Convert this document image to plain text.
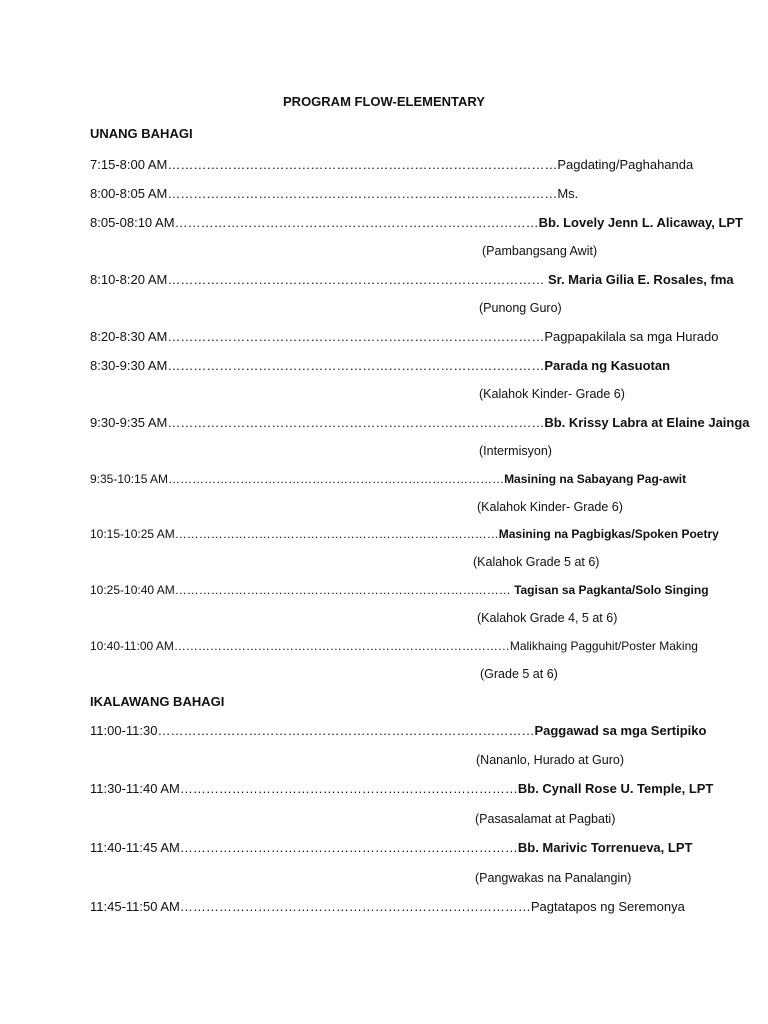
PROGRAM FLOW-ELEMENTARY
UNANG BAHAGI
7:15-8:00 AM………………………………………………………………………………Pagdating/Paghahanda
8:00-8:05 AM………………………………………………………………………………Ms.
8:05-08:10 AM…………………………………………………………………………Bb. Lovely Jenn L. Alicaway, LPT
(Pambangsang Awit)
8:10-8:20 AM…………………………………………………………………………… Sr. Maria Gilia E. Rosales, fma
(Punong Guro)
8:20-8:30 AM……………………………………………………………………………Pagpapakilala sa mga Hurado
8:30-9:30 AM……………………………………………………………………………Parada ng Kasuotan
(Kalahok Kinder- Grade 6)
9:30-9:35 AM……………………………………………………………………………Bb. Krissy Labra at Elaine Jainga
(Intermisyon)
9:35-10:15 AM…………………………………………………………………………Masining na Sabayang Pag-awit
(Kalahok Kinder- Grade 6)
10:15-10:25 AM………………………………………………………………………Masining na Pagbigkas/Spoken Poetry
(Kalahok Grade 5 at 6)
10:25-10:40 AM………………………………………………………………………… Tagisan sa Pagkanta/Solo Singing
(Kalahok Grade 4, 5 at 6)
10:40-11:00 AM…………………………………………………………………………Malikhaing Pagguhit/Poster Making
(Grade 5 at 6)
IKALAWANG BAHAGI
11:00-11:30……………………………………………………………………………Paggawad sa mga Sertipiko
(Nananlo, Hurado at Guro)
11:30-11:40 AM……………………………………………………………………Bb. Cynall Rose U. Temple, LPT
(Pasasalamat at Pagbati)
11:40-11:45 AM……………………………………………………………………Bb. Marivic Torrenueva, LPT
(Pangwakas na Panalangin)
11:45-11:50 AM………………………………………………………………………Pagtatapos ng Seremonya
